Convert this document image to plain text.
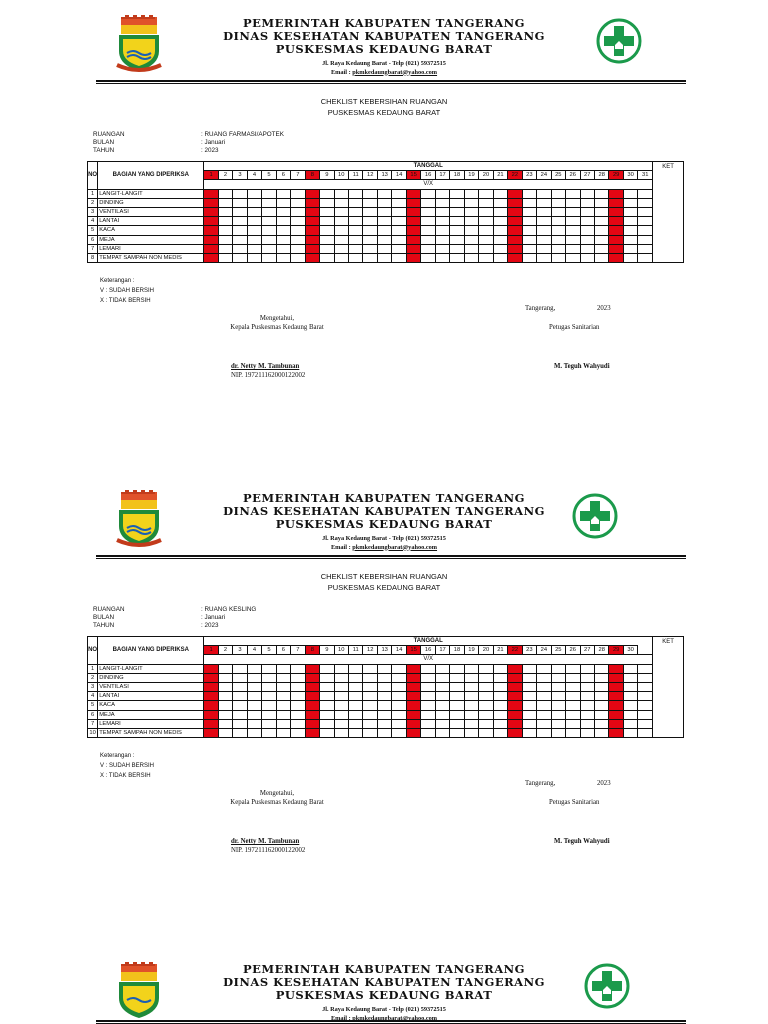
PEMERINTAH KABUPATEN TANGERANG
DINAS KESEHATAN KABUPATEN TANGERANG
PUSKESMAS KEDAUNG BARAT
Jl. Raya Kedaung Barat - Telp (021) 59372515
Email : pkmkedaungbarat@yahoo.com
CHEKLIST KEBERSIHAN RUANGAN
PUSKESMAS KEDAUNG BARAT
RUANGAN	: RUANG FARMASI/APOTEK
BULAN	: Januari
TAHUN	: 2023
NO	BAGIAN YANG DIPERIKSA	TANGGAL																															KET
		1	2	3	4	5	6	7	8	9	10	11	12	13	14	15	16	17	18	19	20	21	22	23	24	25	26	27	28	29	30	31	
		V/X																															
1	LANGIT-LANGIT																																
2	DINDING																																
3	VENTILASI																																
4	LANTAI																																
5	KACA																																
6	MEJA																																
7	LEMARI																																
8	TEMPAT SAMPAH NON MEDIS																																
Keterangan :
V : SUDAH BERSIH
X : TIDAK BERSIH
Tangerang,	2023
Mengetahui,
Kepala Puskesmas Kedaung Barat	Petugas Sanitarian
dr. Netty M. Tambunan
NIP. 197211162000122002
M. Teguh Wahyudi
PEMERINTAH KABUPATEN TANGERANG
DINAS KESEHATAN KABUPATEN TANGERANG
PUSKESMAS KEDAUNG BARAT
Jl. Raya Kedaung Barat - Telp (021) 59372515
Email : pkmkedaungbarat@yahoo.com
CHEKLIST KEBERSIHAN RUANGAN
PUSKESMAS KEDAUNG BARAT
RUANGAN	: RUANG KESLING
BULAN	: Januari
TAHUN	: 2023
NO	BAGIAN YANG DIPERIKSA	TANGGAL																															KET
		1	2	3	4	5	6	7	8	9	10	11	12	13	14	15	16	17	18	19	20	21	22	23	24	25	26	27	28	29	30		
		V/X																															
1	LANGIT-LANGIT																																
2	DINDING																																
3	VENTILASI																																
4	LANTAI																																
5	KACA																																
6	MEJA																																
7	LEMARI																																
10	TEMPAT SAMPAH NON MEDIS																																
Keterangan :
V : SUDAH BERSIH
X : TIDAK BERSIH
Tangerang,	2023
Mengetahui,
Kepala Puskesmas Kedaung Barat	Petugas Sanitarian
dr. Netty M. Tambunan
NIP. 197211162000122002
M. Teguh Wahyudi
PEMERINTAH KABUPATEN TANGERANG
DINAS KESEHATAN KABUPATEN TANGERANG
PUSKESMAS KEDAUNG BARAT
Jl. Raya Kedaung Barat - Telp (021) 59372515
Email : pkmkedaungbarat@yahoo.com
